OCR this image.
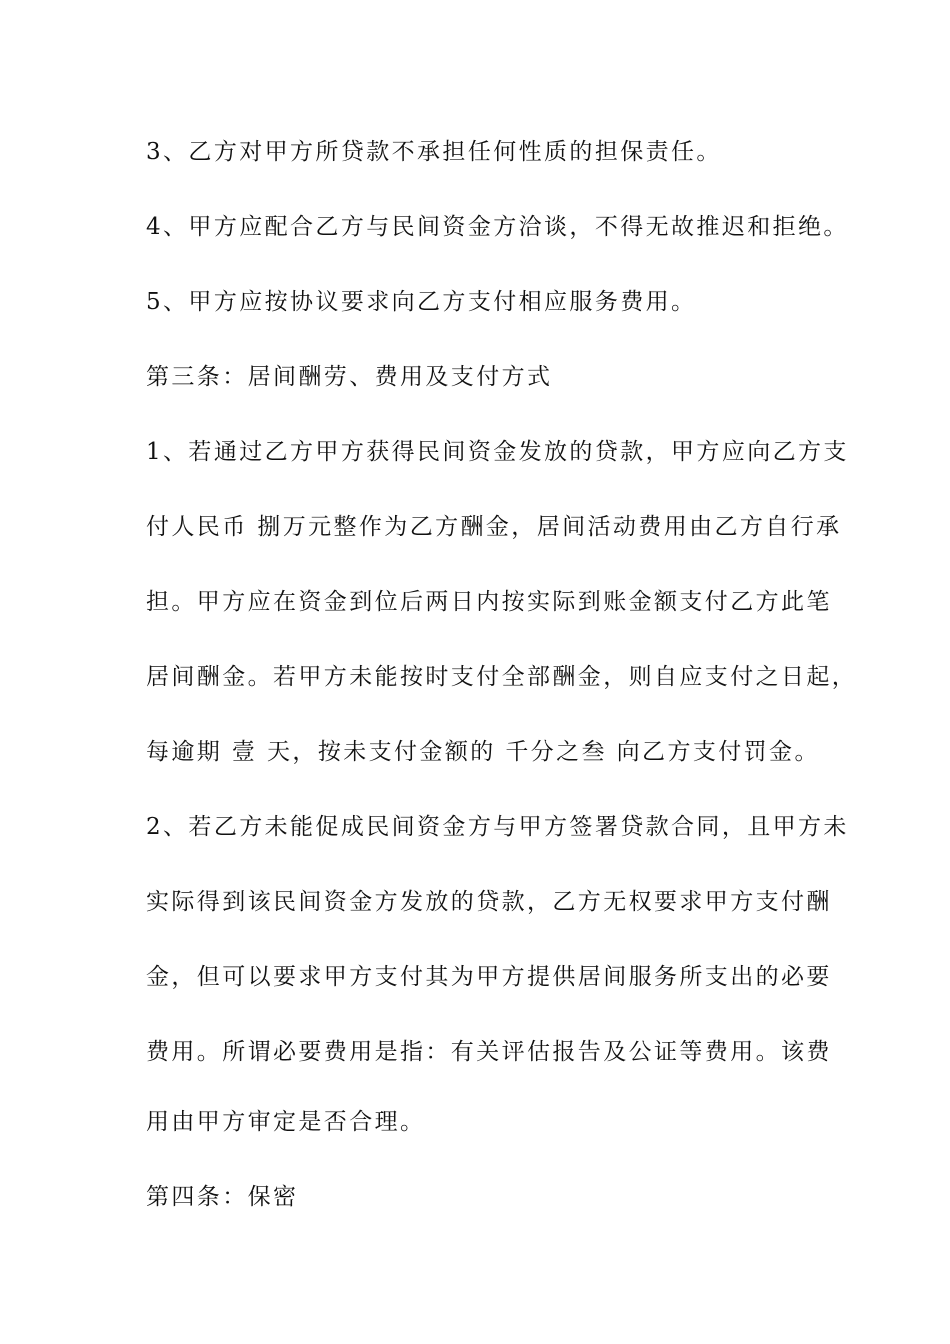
3、乙方对甲方所贷款不承担任何性质的担保责任。
4、甲方应配合乙方与民间资金方洽谈，不得无故推迟和拒绝。
5、甲方应按协议要求向乙方支付相应服务费用。
第三条：居间酬劳、费用及支付方式
1、若通过乙方甲方获得民间资金发放的贷款，甲方应向乙方支
付人民币 捌万元整作为乙方酬金，居间活动费用由乙方自行承
担。甲方应在资金到位后两日内按实际到账金额支付乙方此笔
居间酬金。若甲方未能按时支付全部酬金，则自应支付之日起，
每逾期 壹 天，按未支付金额的 千分之叁 向乙方支付罚金。
2、若乙方未能促成民间资金方与甲方签署贷款合同，且甲方未
实际得到该民间资金方发放的贷款，乙方无权要求甲方支付酬
金，但可以要求甲方支付其为甲方提供居间服务所支出的必要
费用。所谓必要费用是指：有关评估报告及公证等费用。该费
用由甲方审定是否合理。
第四条：保密
